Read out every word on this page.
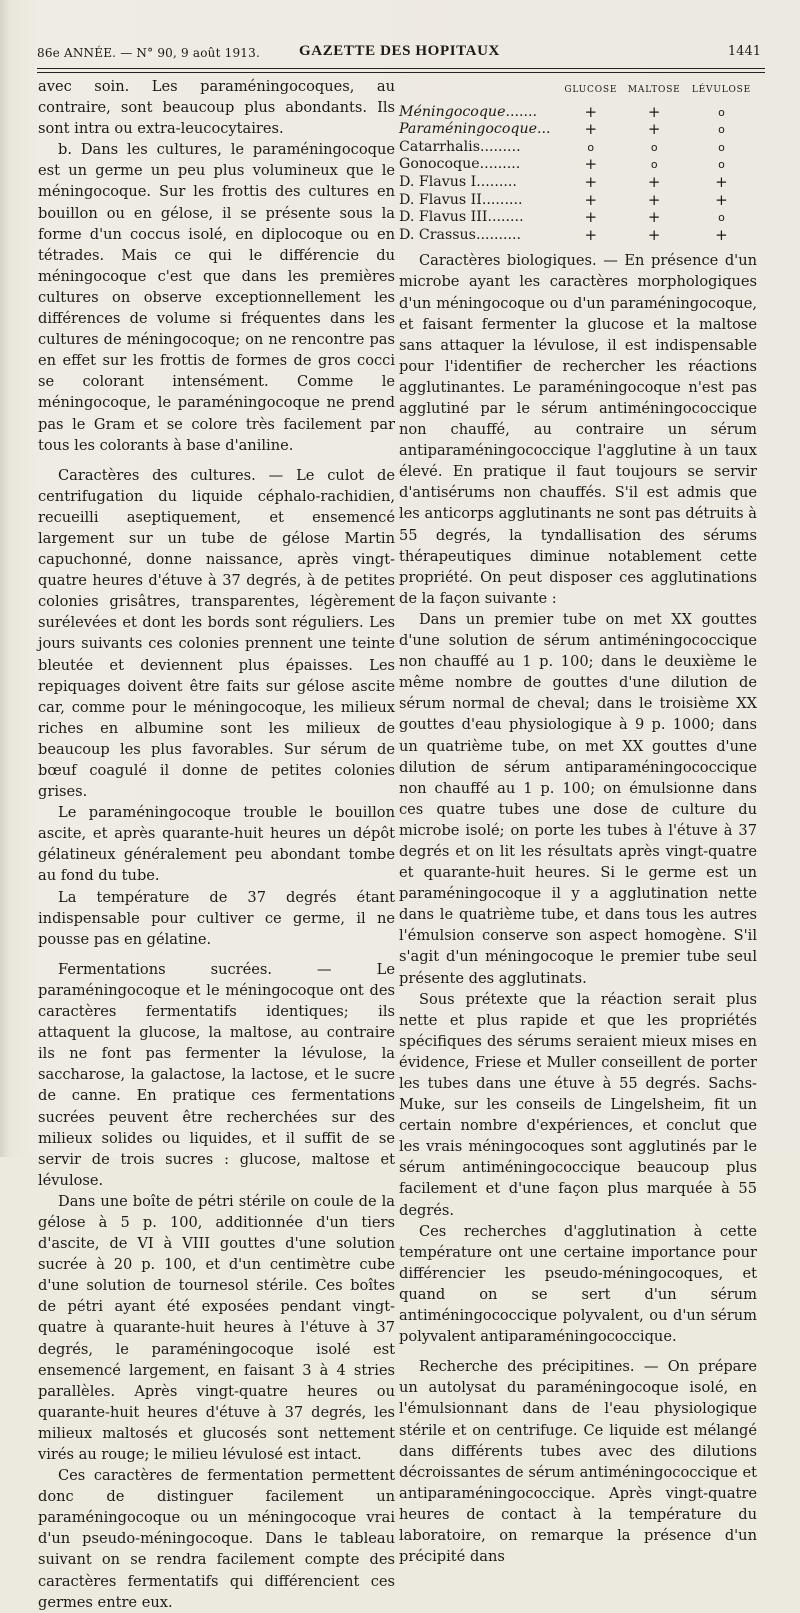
86e ANNÉE. — N° 90, 9 août 1913.	GAZETTE DES HOPITAUX	1441

avec soin. Les paraméningocoques, au contraire, sont beaucoup plus abondants. Ils sont intra ou extra-leucocytaires.

b. Dans les cultures, le paraméningocoque est un germe un peu plus volumineux que le méningocoque. Sur les frottis des cultures en bouillon ou en gélose, il se présente sous la forme d'un coccus isolé, en diplocoque ou en tétrades. Mais ce qui le différencie du méningocoque c'est que dans les premières cultures on observe exceptionnellement les différences de volume si fréquentes dans les cultures de méningocoque; on ne rencontre pas en effet sur les frottis de formes de gros cocci se colorant intensément. Comme le méningocoque, le paraméningocoque ne prend pas le Gram et se colore très facilement par tous les colorants à base d'aniline.

Caractères des cultures. — Le culot de centrifugation du liquide céphalo-rachidien, recueilli aseptiquement, et ensemencé largement sur un tube de gélose Martin capuchonné, donne naissance, après vingt-quatre heures d'étuve à 37 degrés, à de petites colonies grisâtres, transparentes, légèrement surélevées et dont les bords sont réguliers. Les jours suivants ces colonies prennent une teinte bleutée et deviennent plus épaisses. Les repiquages doivent être faits sur gélose ascite car, comme pour le méningocoque, les milieux riches en albumine sont les milieux de beaucoup les plus favorables. Sur sérum de bœuf coagulé il donne de petites colonies grises.

Le paraméningocoque trouble le bouillon ascite, et après quarante-huit heures un dépôt gélatineux généralement peu abondant tombe au fond du tube.

La température de 37 degrés étant indispensable pour cultiver ce germe, il ne pousse pas en gélatine.

Fermentations sucrées. — Le paraméningocoque et le méningocoque ont des caractères fermentatifs identiques; ils attaquent la glucose, la maltose, au contraire ils ne font pas fermenter la lévulose, la saccharose, la galactose, la lactose, et le sucre de canne. En pratique ces fermentations sucrées peuvent être recherchées sur des milieux solides ou liquides, et il suffit de se servir de trois sucres : glucose, maltose et lévulose.

Dans une boîte de pétri stérile on coule de la gélose à 5 p. 100, additionnée d'un tiers d'ascite, de VI à VIII gouttes d'une solution sucrée à 20 p. 100, et d'un centimètre cube d'une solution de tournesol stérile. Ces boîtes de pétri ayant été exposées pendant vingt-quatre à quarante-huit heures à l'étuve à 37 degrés, le paraméningocoque isolé est ensemencé largement, en faisant 3 à 4 stries parallèles. Après vingt-quatre heures ou quarante-huit heures d'étuve à 37 degrés, les milieux maltosés et glucosés sont nettement virés au rouge; le milieu lévulosé est intact.

Ces caractères de fermentation permettent donc de distinguer facilement un paraméningocoque ou un méningocoque vrai d'un pseudo-méningocoque. Dans le tableau suivant on se rendra facilement compte des caractères fermentatifs qui différencient ces germes entre eux.

	GLUCOSE	MALTOSE	LÉVULOSE
Méningocoque.......	+	+	o
Paraméningocoque...	+	+	o
Catarrhalis.........	o	o	o
Gonocoque.........	+	o	o
D. Flavus I.........	+	+	+
D. Flavus II.........	+	+	+
D. Flavus III........	+	+	o
D. Crassus..........	+	+	+

Caractères biologiques. — En présence d'un microbe ayant les caractères morphologiques d'un méningocoque ou d'un paraméningocoque, et faisant fermenter la glucose et la maltose sans attaquer la lévulose, il est indispensable pour l'identifier de rechercher les réactions agglutinantes. Le paraméningocoque n'est pas agglutiné par le sérum antiméningococcique non chauffé, au contraire un sérum antiparaméningococcique l'agglutine à un taux élevé. En pratique il faut toujours se servir d'antisérums non chauffés. S'il est admis que les anticorps agglutinants ne sont pas détruits à 55 degrés, la tyndallisation des sérums thérapeutiques diminue notablement cette propriété. On peut disposer ces agglutinations de la façon suivante :

Dans un premier tube on met XX gouttes d'une solution de sérum antiméningococcique non chauffé au 1 p. 100; dans le deuxième le même nombre de gouttes d'une dilution de sérum normal de cheval; dans le troisième XX gouttes d'eau physiologique à 9 p. 1000; dans un quatrième tube, on met XX gouttes d'une dilution de sérum antiparaméningococcique non chauffé au 1 p. 100; on émulsionne dans ces quatre tubes une dose de culture du microbe isolé; on porte les tubes à l'étuve à 37 degrés et on lit les résultats après vingt-quatre et quarante-huit heures. Si le germe est un paraméningocoque il y a agglutination nette dans le quatrième tube, et dans tous les autres l'émulsion conserve son aspect homogène. S'il s'agit d'un méningocoque le premier tube seul présente des agglutinats.

Sous prétexte que la réaction serait plus nette et plus rapide et que les propriétés spécifiques des sérums seraient mieux mises en évidence, Friese et Muller conseillent de porter les tubes dans une étuve à 55 degrés. Sachs-Muke, sur les conseils de Lingelsheim, fit un certain nombre d'expériences, et conclut que les vrais méningocoques sont agglutinés par le sérum antiméningococcique beaucoup plus facilement et d'une façon plus marquée à 55 degrés.

Ces recherches d'agglutination à cette température ont une certaine importance pour différencier les pseudo-méningocoques, et quand on se sert d'un sérum antiméningococcique polyvalent, ou d'un sérum polyvalent antiparaméningococcique.

Recherche des précipitines. — On prépare un autolysat du paraméningocoque isolé, en l'émulsionnant dans de l'eau physiologique stérile et on centrifuge. Ce liquide est mélangé dans différents tubes avec des dilutions décroissantes de sérum antiméningococcique et antiparaméningococcique. Après vingt-quatre heures de contact à la température du laboratoire, on remarque la présence d'un précipité dans
